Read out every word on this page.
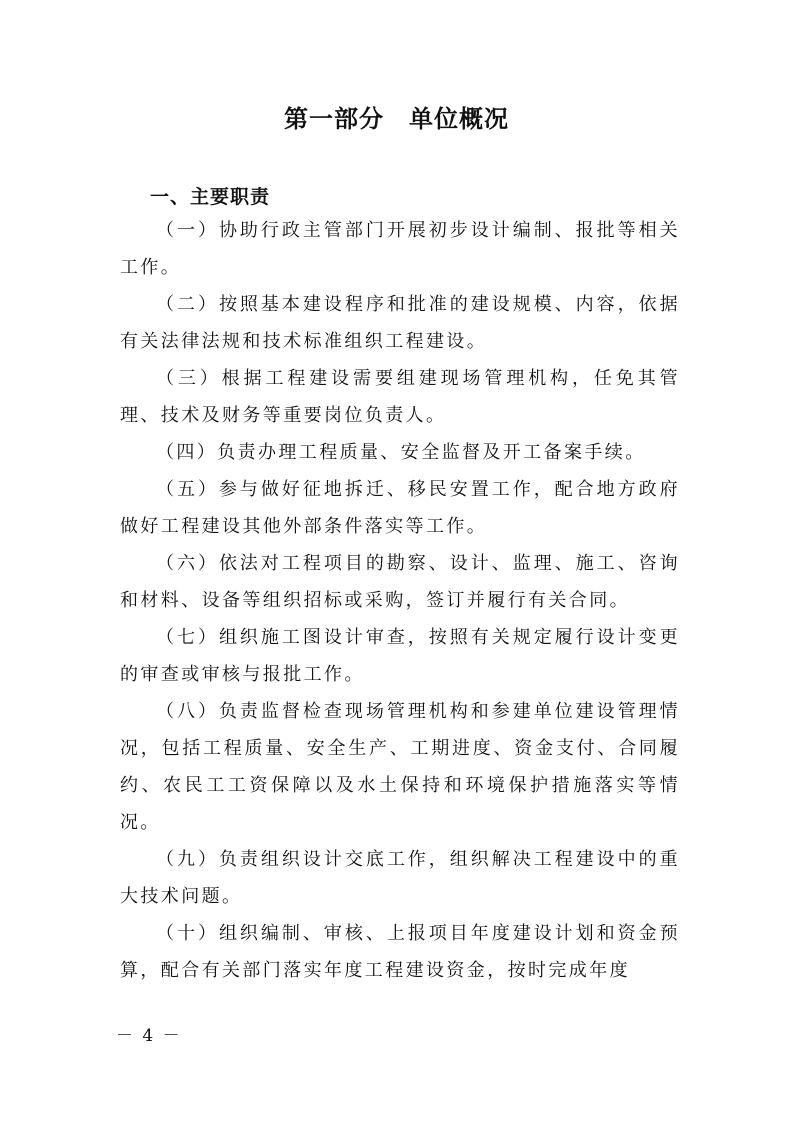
第一部分　单位概况
一、主要职责

（一）协助行政主管部门开展初步设计编制、报批等相关工作。

（二）按照基本建设程序和批准的建设规模、内容，依据有关法律法规和技术标准组织工程建设。

（三）根据工程建设需要组建现场管理机构，任免其管理、技术及财务等重要岗位负责人。

（四）负责办理工程质量、安全监督及开工备案手续。

（五）参与做好征地拆迁、移民安置工作，配合地方政府做好工程建设其他外部条件落实等工作。

（六）依法对工程项目的勘察、设计、监理、施工、咨询和材料、设备等组织招标或采购，签订并履行有关合同。

（七）组织施工图设计审查，按照有关规定履行设计变更的审查或审核与报批工作。

（八）负责监督检查现场管理机构和参建单位建设管理情况，包括工程质量、安全生产、工期进度、资金支付、合同履约、农民工工资保障以及水土保持和环境保护措施落实等情况。

（九）负责组织设计交底工作，组织解决工程建设中的重大技术问题。

（十）组织编制、审核、上报项目年度建设计划和资金预算，配合有关部门落实年度工程建设资金，按时完成年度

－ 4 －
